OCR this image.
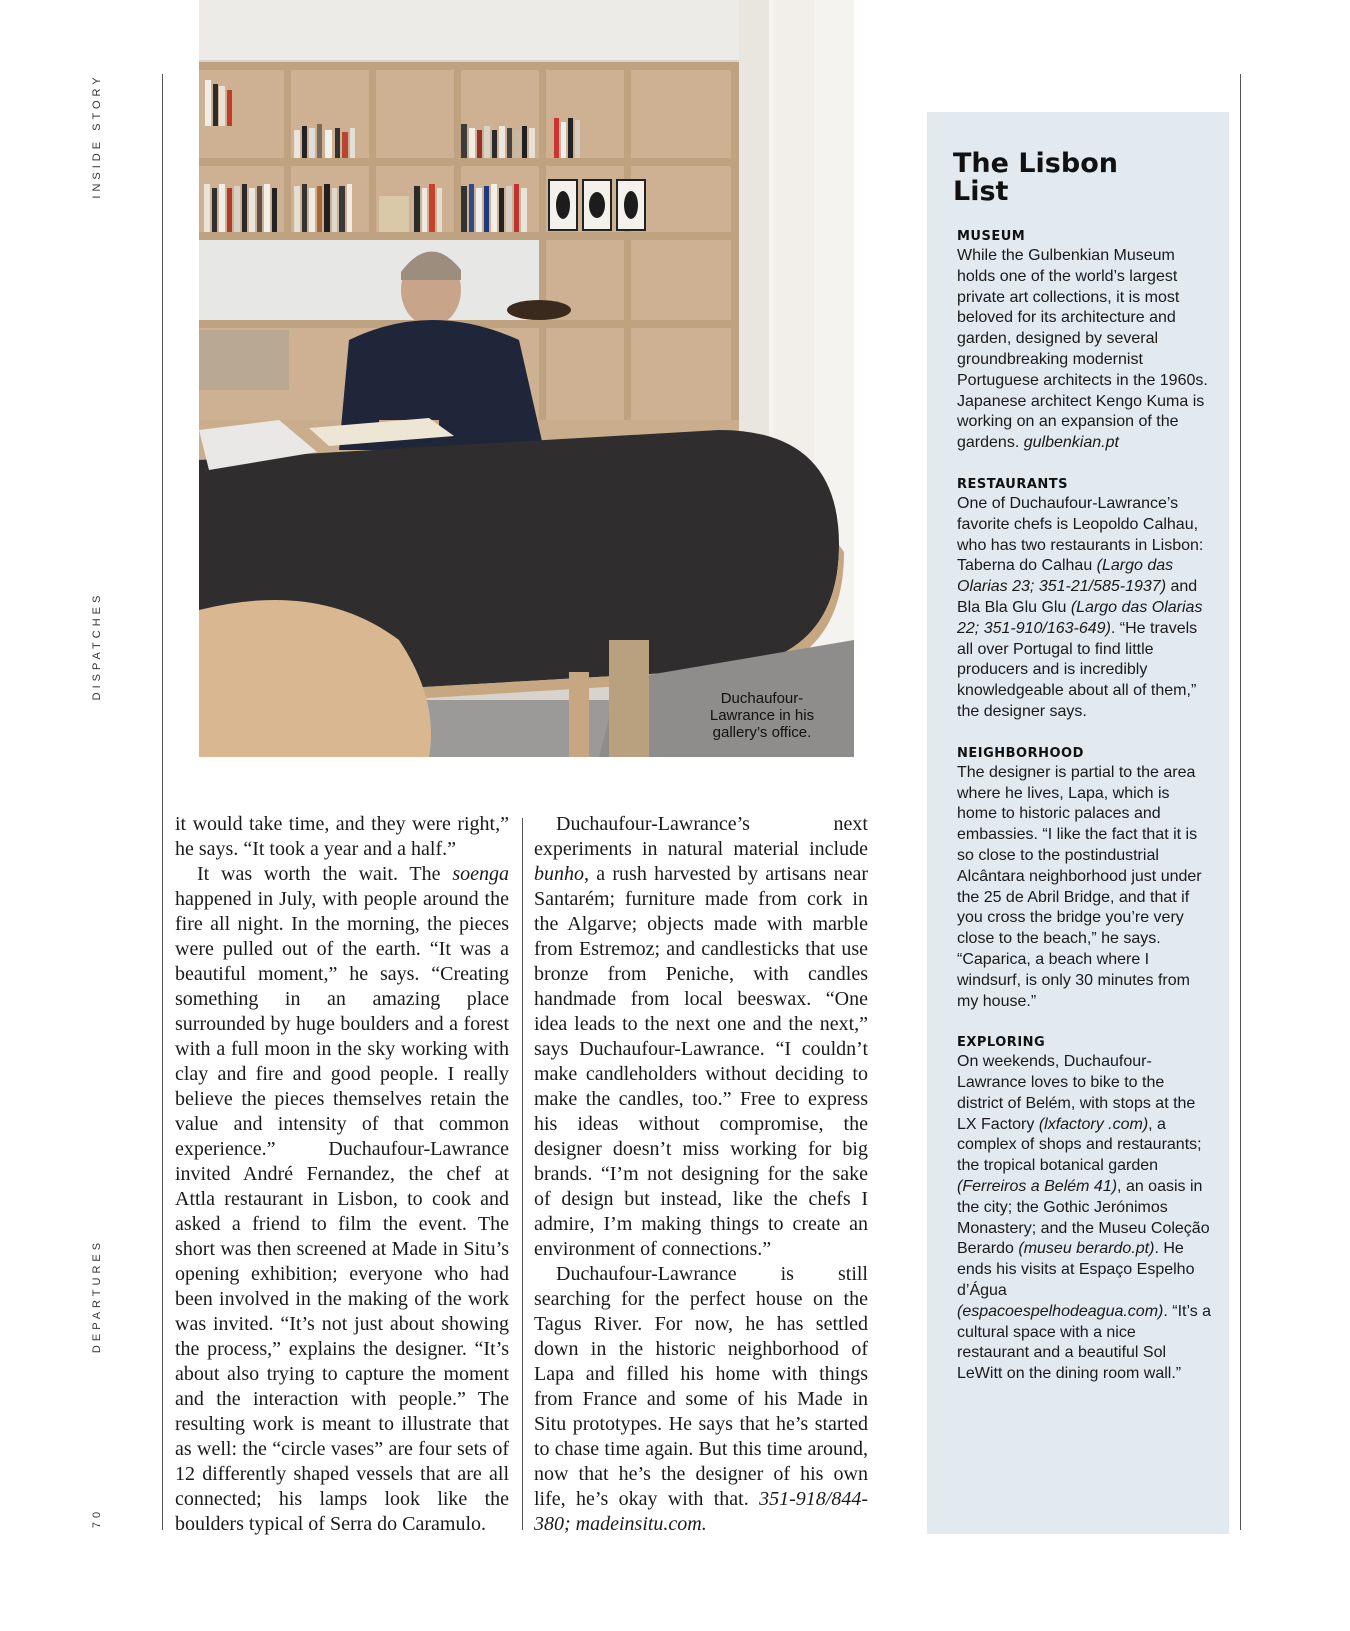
INSIDE STORY
DISPATCHES
DEPARTURES
70
Duchaufour-Lawrance in his gallery’s office.

it would take time, and they were right,” he says. “It took a year and a half.”

It was worth the wait. The soenga happened in July, with people around the fire all night. In the morning, the pieces were pulled out of the earth. “It was a beautiful moment,” he says. “Creating something in an amazing place surrounded by huge boulders and a forest with a full moon in the sky working with clay and fire and good people. I really believe the pieces themselves retain the value and intensity of that common experience.” Duchaufour-Lawrance invited André Fernandez, the chef at Attla restaurant in Lisbon, to cook and asked a friend to film the event. The short was then screened at Made in Situ’s opening exhibition; everyone who had been involved in the making of the work was invited. “It’s not just about showing the process,” explains the designer. “It’s about also trying to capture the moment and the interaction with people.” The resulting work is meant to illustrate that as well: the “circle vases” are four sets of 12 differently shaped vessels that are all connected; his lamps look like the boulders typical of Serra do Caramulo.

Duchaufour-Lawrance’s next experiments in natural material include bunho, a rush harvested by artisans near Santarém; furniture made from cork in the Algarve; objects made with marble from Estremoz; and candlesticks that use bronze from Peniche, with candles handmade from local beeswax. “One idea leads to the next one and the next,” says Duchaufour-Lawrance. “I couldn’t make candleholders without deciding to make the candles, too.” Free to express his ideas without compromise, the designer doesn’t miss working for big brands. “I’m not designing for the sake of design but instead, like the chefs I admire, I’m making things to create an environment of connections.”

Duchaufour-Lawrance is still searching for the perfect house on the Tagus River. For now, he has settled down in the historic neighborhood of Lapa and filled his home with things from France and some of his Made in Situ prototypes. He says that he’s started to chase time again. But this time around, now that he’s the designer of his own life, he’s okay with that. 351-918/844-380; madeinsitu.com.

The Lisbon
List
MUSEUM

While the Gulbenkian Museum holds one of the world’s largest private art collections, it is most beloved for its architecture and garden, designed by several groundbreaking modernist Portuguese architects in the 1960s. Japanese architect Kengo Kuma is working on an expansion of the gardens. gulbenkian.pt

RESTAURANTS

One of Duchaufour-Lawrance’s favorite chefs is Leopoldo Calhau, who has two restaurants in Lisbon: Taberna do Calhau (Largo das Olarias 23; 351-21/585-1937) and Bla Bla Glu Glu (Largo das Olarias 22; 351-910/163-649). “He travels all over Portugal to find little producers and is incredibly knowledgeable about all of them,” the designer says.

NEIGHBORHOOD

The designer is partial to the area where he lives, Lapa, which is home to historic palaces and embassies. “I like the fact that it is so close to the postindustrial Alcântara neighborhood just under the 25 de Abril Bridge, and that if you cross the bridge you’re very close to the beach,” he says. “Caparica, a beach where I windsurf, is only 30 minutes from my house.”

EXPLORING

On weekends, Duchaufour-Lawrance loves to bike to the district of Belém, with stops at the LX Factory (lxfactory .com), a complex of shops and restaurants; the tropical botanical garden (Ferreiros a Belém 41), an oasis in the city; the Gothic Jerónimos Monastery; and the Museu Coleção Berardo (museu berardo.pt). He ends his visits at Espaço Espelho d’Água (espacoespelhodeagua.com). “It’s a cultural space with a nice restaurant and a beautiful Sol LeWitt on the dining room wall.”
